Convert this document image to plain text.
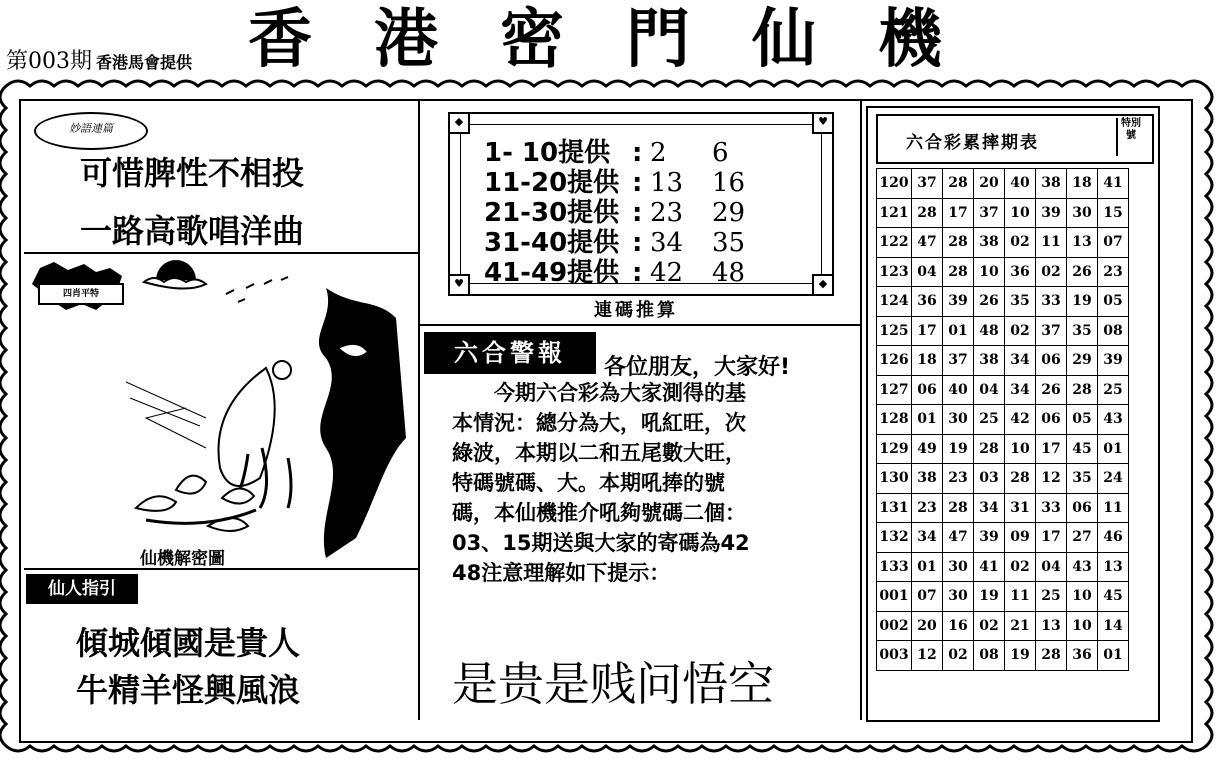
第003期 香港馬會提供 香港密門仙機
妙語連篇
可惜脾性不相投
一路高歌唱洋曲
四肖平特
仙機解密圖
仙人指引
傾城傾國是貴人
牛精羊怪興風浪
◆	♥
♥	◆
1- 10提供 : 2 6
11-20提供 : 13 16
21-30提供 : 23 29
31-40提供 : 34 35
41-49提供 : 42 48
連碼推算
六合警報
各位朋友，大家好!

　　今期六合彩為大家測得的基

本情況：總分為大，吼紅旺，次

綠波，本期以二和五尾數大旺，

特碼號碼、大。本期吼捧的號

碼，本仙機推介吼夠號碼二個：

03、15期送與大家的寄碼為42

48注意理解如下提示：

是贵是贱问悟空
六合彩累摔期表
特別號
120	37	28	20	40	38	18	41
121	28	17	37	10	39	30	15
122	47	28	38	02	11	13	07
123	04	28	10	36	02	26	23
124	36	39	26	35	33	19	05
125	17	01	48	02	37	35	08
126	18	37	38	34	06	29	39
127	06	40	04	34	26	28	25
128	01	30	25	42	06	05	43
129	49	19	28	10	17	45	01
130	38	23	03	28	12	35	24
131	23	28	34	31	33	06	11
132	34	47	39	09	17	27	46
133	01	30	41	02	04	43	13
001	07	30	19	11	25	10	45
002	20	16	02	21	13	10	14
003	12	02	08	19	28	36	01
